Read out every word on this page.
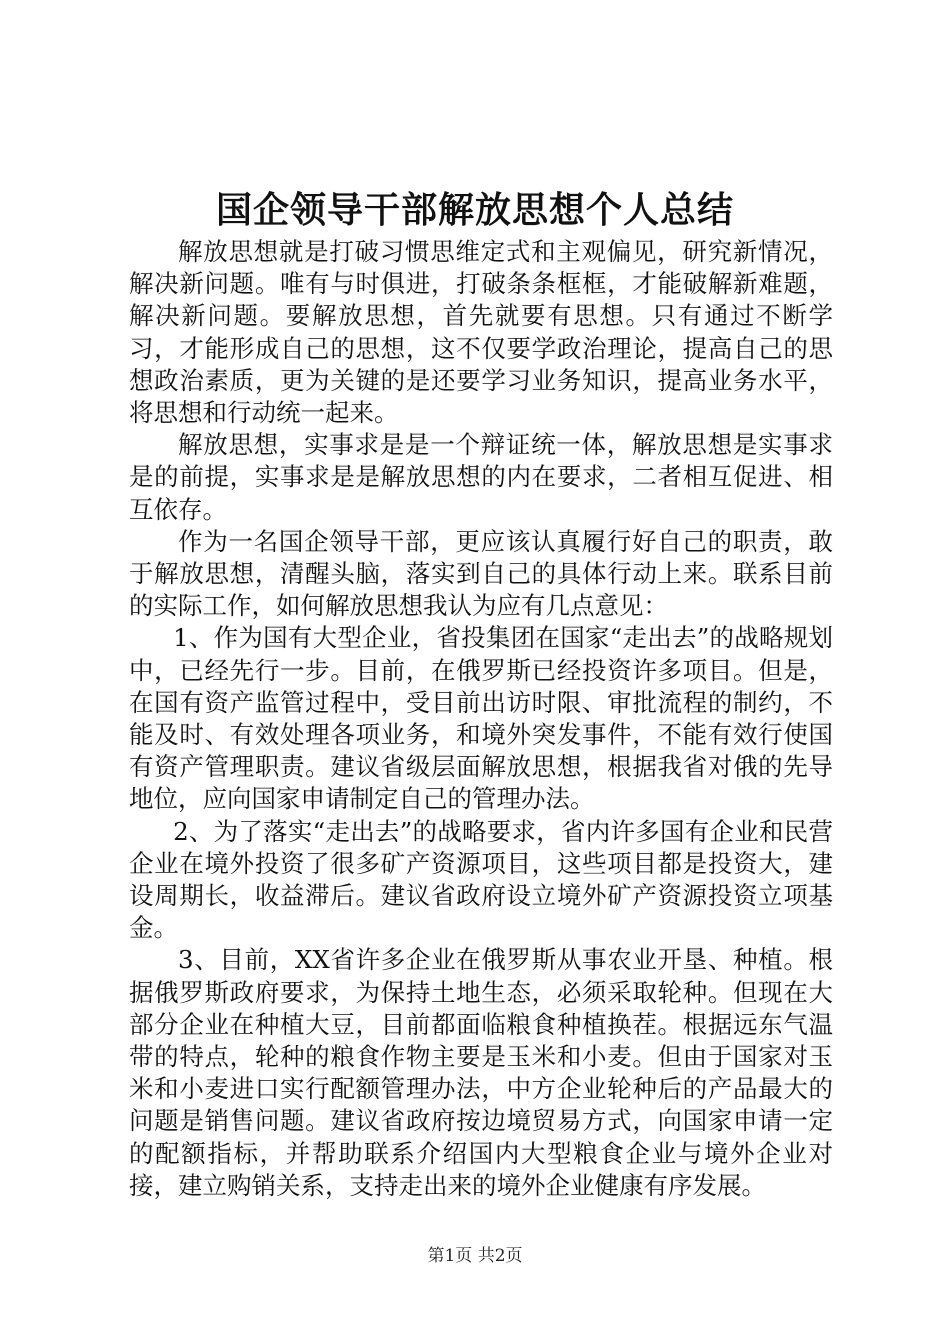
国企领导干部解放思想个人总结

解放思想就是打破习惯思维定式和主观偏见，研究新情况，解决新问题。唯有与时俱进，打破条条框框，才能破解新难题，解决新问题。要解放思想，首先就要有思想。只有通过不断学习，才能形成自己的思想，这不仅要学政治理论，提高自己的思想政治素质，更为关键的是还要学习业务知识，提高业务水平，将思想和行动统一起来。

解放思想，实事求是是一个辩证统一体，解放思想是实事求是的前提，实事求是是解放思想的内在要求，二者相互促进、相互依存。

作为一名国企领导干部，更应该认真履行好自己的职责，敢于解放思想，清醒头脑，落实到自己的具体行动上来。联系目前的实际工作，如何解放思想我认为应有几点意见：

1、作为国有大型企业，省投集团在国家“走出去”的战略规划中，已经先行一步。目前，在俄罗斯已经投资许多项目。但是，在国有资产监管过程中，受目前出访时限、审批流程的制约，不能及时、有效处理各项业务，和境外突发事件，不能有效行使国有资产管理职责。建议省级层面解放思想，根据我省对俄的先导地位，应向国家申请制定自己的管理办法。

2、为了落实“走出去”的战略要求，省内许多国有企业和民营企业在境外投资了很多矿产资源项目，这些项目都是投资大，建设周期长，收益滞后。建议省政府设立境外矿产资源投资立项基金。

3、目前，XX省许多企业在俄罗斯从事农业开垦、种植。根据俄罗斯政府要求，为保持土地生态，必须采取轮种。但现在大部分企业在种植大豆，目前都面临粮食种植换茬。根据远东气温带的特点，轮种的粮食作物主要是玉米和小麦。但由于国家对玉米和小麦进口实行配额管理办法，中方企业轮种后的产品最大的问题是销售问题。建议省政府按边境贸易方式，向国家申请一定的配额指标，并帮助联系介绍国内大型粮食企业与境外企业对接，建立购销关系，支持走出来的境外企业健康有序发展。

第1页 共2页
